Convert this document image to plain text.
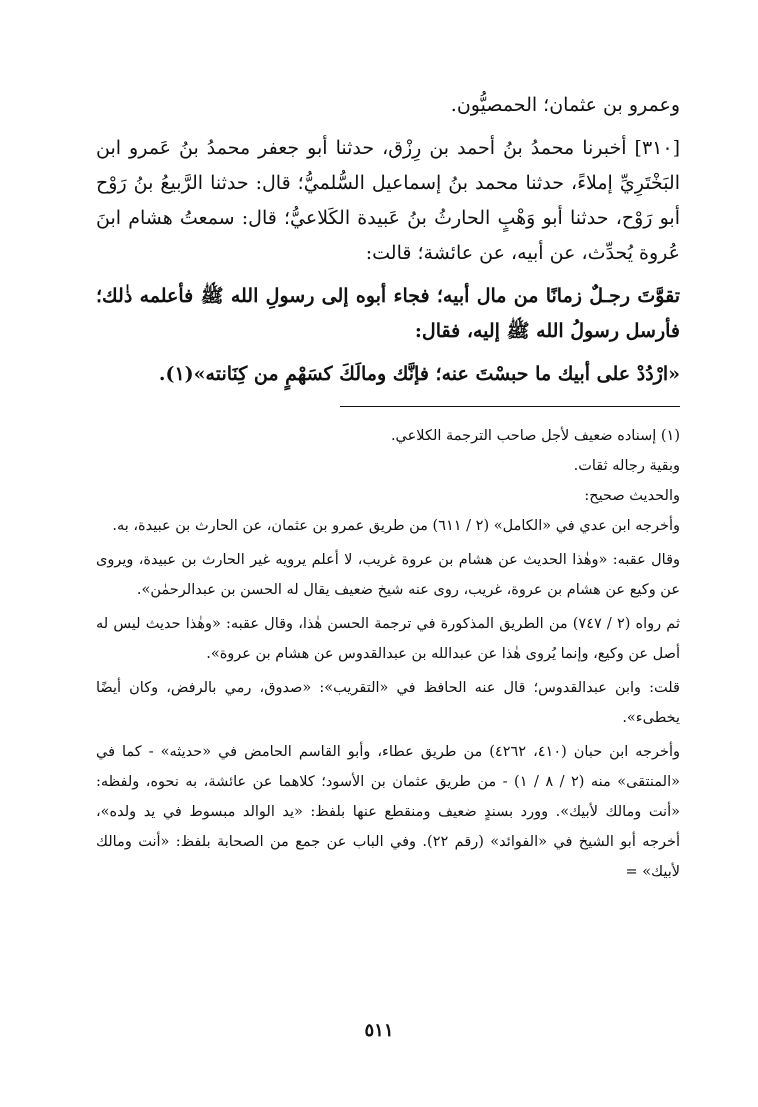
وعمرو بن عثمان؛ الحمصيُّون.

[٣١٠] أخبرنا محمدُ بنُ أحمد بن رِزْق، حدثنا أبو جعفر محمدُ بنُ عَمرو ابن البَخْتَرِيِّ إملاءً، حدثنا محمد بنُ إسماعيل السُّلميُّ؛ قال: حدثنا الرَّبيعُ بنُ رَوْح أبو رَوْح، حدثنا أبو وَهْبٍ الحارثُ بنُ عَبيدة الكَلاعيُّ؛ قال: سمعتُ هشام ابنَ عُروة يُحدِّث، عن أبيه، عن عائشة؛ قالت:

تقوَّتَ رجـلٌ زمانًا من مال أبيه؛ فجاء أبوه إلى رسولِ الله ﷺ فأعلمه ذٰلك؛ فأرسل رسولُ الله ﷺ إليه، فقال:

«ارْدُدْ على أبيك ما حبسْتَ عنه؛ فإنَّك ومالَكَ كسَهْمٍ من كِنَانته»(١).

(١) إسناده ضعيف لأجل صاحب الترجمة الكلاعي.

وبقية رجاله ثقات.

والحديث صحيح:

وأخرجه ابن عدي في «الكامل» (٢ / ٦١١) من طريق عمرو بن عثمان، عن الحارث بن عبيدة، به.

وقال عقبه: «وهٰذا الحديث عن هشام بن عروة غريب، لا أعلم يرويه غير الحارث بن عبيدة، ويروى عن وكيع عن هشام بن عروة، غريب، روى عنه شيخ ضعيف يقال له الحسن بن عبدالرحمٰن».

ثم رواه (٢ / ٧٤٧) من الطريق المذكورة في ترجمة الحسن هٰذا، وقال عقبه: «وهٰذا حديث ليس له أصل عن وكيع، وإنما يُروى هٰذا عن عبدالله بن عبدالقدوس عن هشام بن عروة».

قلت: وابن عبدالقدوس؛ قال عنه الحافظ في «التقريب»: «صدوق، رمي بالرفض، وكان أيضًا يخطىء».

وأخرجه ابن حبان (٤١٠، ٤٢٦٢) من طريق عطاء، وأبو القاسم الحامض في «حديثه» - كما في «المنتقى» منه (٢ / ٨ / ١) - من طريق عثمان بن الأسود؛ كلاهما عن عائشة، به نحوه، ولفظه: «أنت ومالك لأبيك». وورد بسندٍ ضعيف ومنقطع عنها بلفظ: «يد الوالد مبسوط في يد ولده»، أخرجه أبو الشيخ في «الفوائد» (رقم ٢٢). وفي الباب عن جمع من الصحابة بلفظ: «أنت ومالك لأبيك» =

٥١١
